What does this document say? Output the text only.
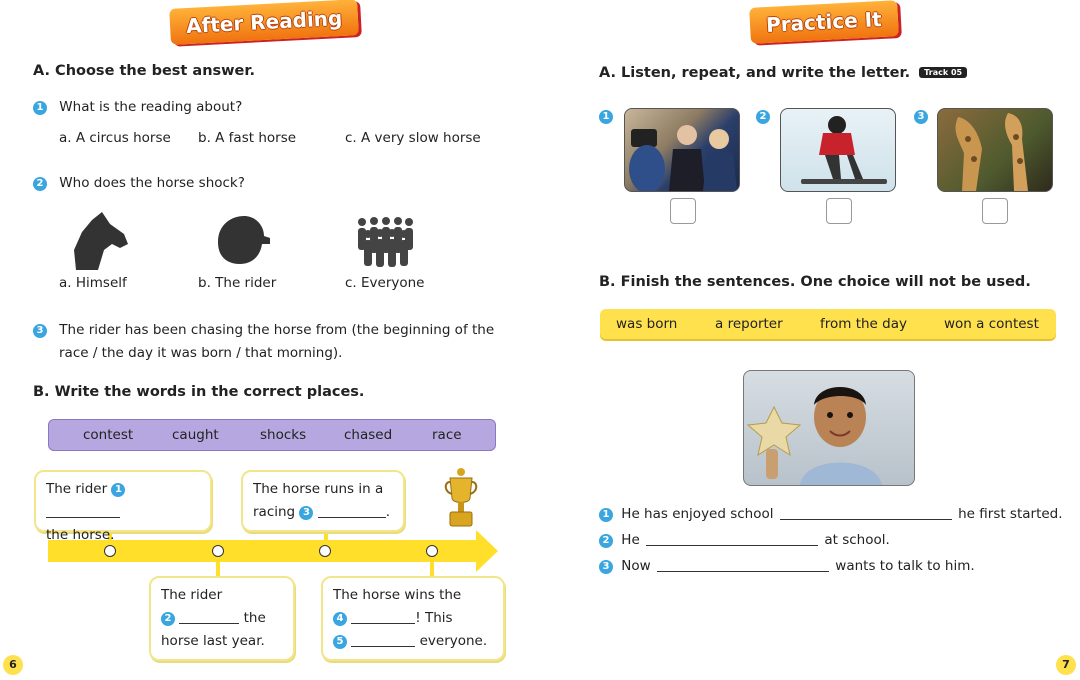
After Reading
A. Choose the best answer.
1 What is the reading about?
a. A circus horse b. A fast horse	c. A very slow horse
2 Who does the horse shock?
a. Himself	b. The rider	c. Everyone
3 The rider has been chasing the horse from (the beginning of the
race / the day it was born / that morning).
B. Write the words in the correct places.
contest	caught	shocks	chased	race
The rider 1
the horse.
The horse runs in a
racing 3	.
The rider
2	the
horse last year.
The horse wins the
4	! This
5	everyone.
6
Practice It
A. Listen, repeat, and write the letter. Track 05
1	2	3
B. Finish the sentences. One choice will not be used.
was born	a reporter	from the day	won a contest
1 He has enjoyed school	he first started.
2 He	at school.
3 Now	wants to talk to him.
7
